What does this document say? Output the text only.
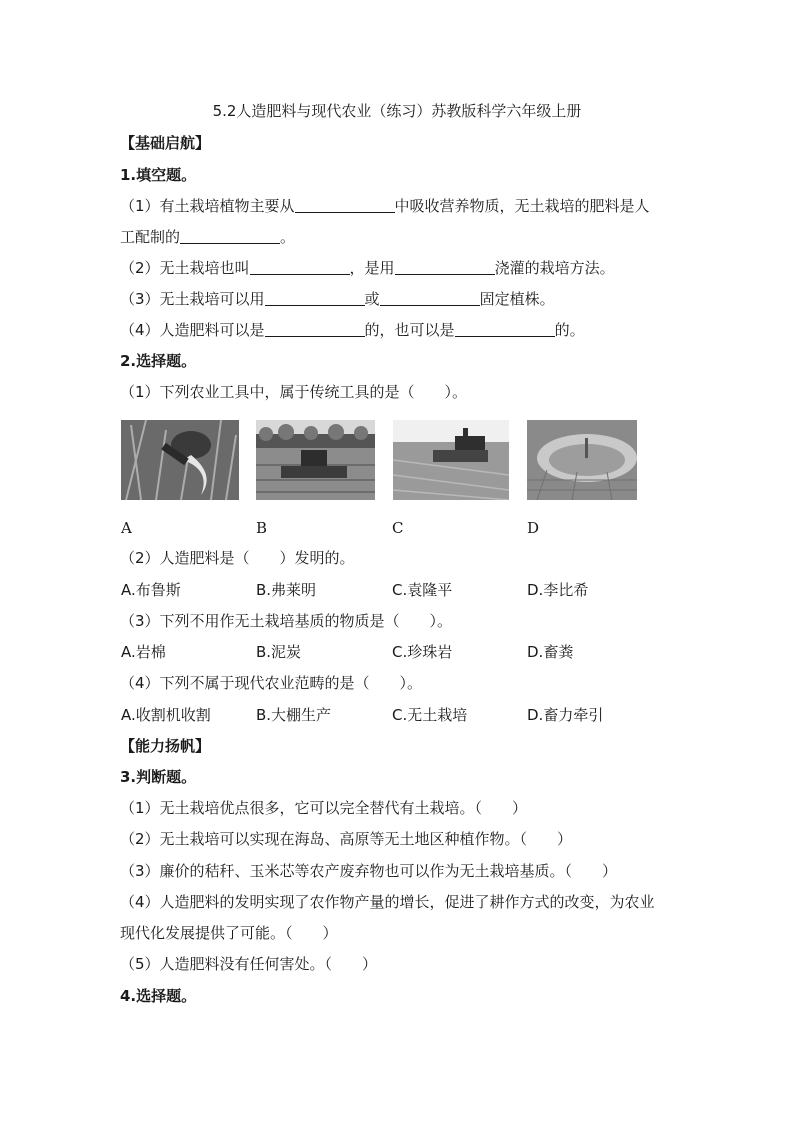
5.2人造肥料与现代农业（练习）苏教版科学六年级上册
【基础启航】
1.填空题。
（1）有土栽培植物主要从	中吸收营养物质，无土栽培的肥料是人
工配制的	。
（2）无土栽培也叫	，是用	浇灌的栽培方法。
（3）无土栽培可以用	或	固定植株。
（4）人造肥料可以是	的，也可以是	的。
2.选择题。
（1）下列农业工具中，属于传统工具的是（　　）。
A	B	C	D
（2）人造肥料是（　　）发明的。
A.布鲁斯	B.弗莱明	C.袁隆平	D.李比希
（3）下列不用作无土栽培基质的物质是（　　）。
A.岩棉	B.泥炭	C.珍珠岩	D.畜粪
（4）下列不属于现代农业范畴的是（　　）。
A.收割机收割	B.大棚生产	C.无土栽培	D.畜力牵引
【能力扬帆】
3.判断题。
（1）无土栽培优点很多，它可以完全替代有土栽培。（　　）
（2）无土栽培可以实现在海岛、高原等无土地区种植作物。（　　）
（3）廉价的秸秆、玉米芯等农产废弃物也可以作为无土栽培基质。（　　）
（4）人造肥料的发明实现了农作物产量的增长，促进了耕作方式的改变，为农业
现代化发展提供了可能。（　　）
（5）人造肥料没有任何害处。（　　）
4.选择题。
